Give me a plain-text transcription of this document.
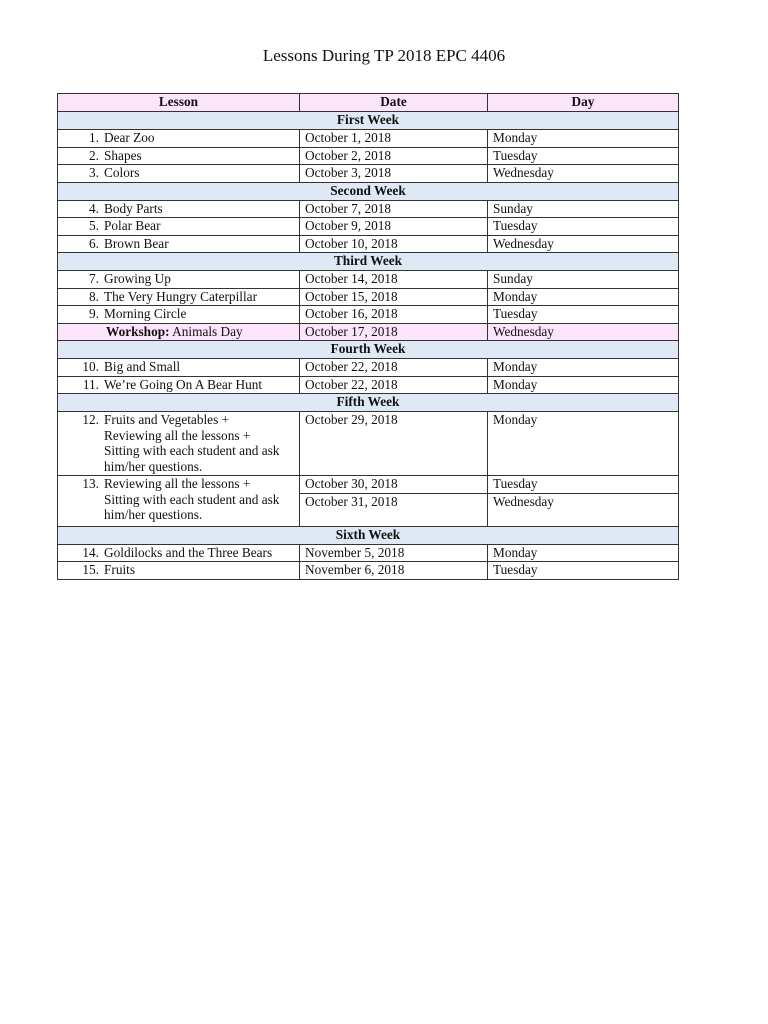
Lessons During TP 2018 EPC 4406
Lesson	Date	Day
First Week		

1. Dear Zoo	October 1, 2018	Monday

2. Shapes	October 2, 2018	Tuesday

3. Colors	October 3, 2018	Wednesday
Second Week		

4. Body Parts	October 7, 2018	Sunday

5. Polar Bear	October 9, 2018	Tuesday

6. Brown Bear	October 10, 2018	Wednesday
Third Week		

7. Growing Up	October 14, 2018	Sunday

8. The Very Hungry Caterpillar	October 15, 2018	Monday

9. Morning Circle	October 16, 2018	Tuesday

Workshop: Animals Day	October 17, 2018	Wednesday
Fourth Week		

10. Big and Small	October 22, 2018	Monday

11. We’re Going On A Bear Hunt	October 22, 2018	Monday
Fifth Week		

12. Fruits and Vegetables +
Reviewing all the lessons +
Sitting with each student and ask
him/her questions.	October 29, 2018	Monday

13. Reviewing all the lessons +
Sitting with each student and ask
him/her questions.	October 30, 2018	Tuesday
	October 31, 2018	Wednesday
Sixth Week		

14. Goldilocks and the Three Bears	November 5, 2018	Monday

15. Fruits	November 6, 2018	Tuesday
